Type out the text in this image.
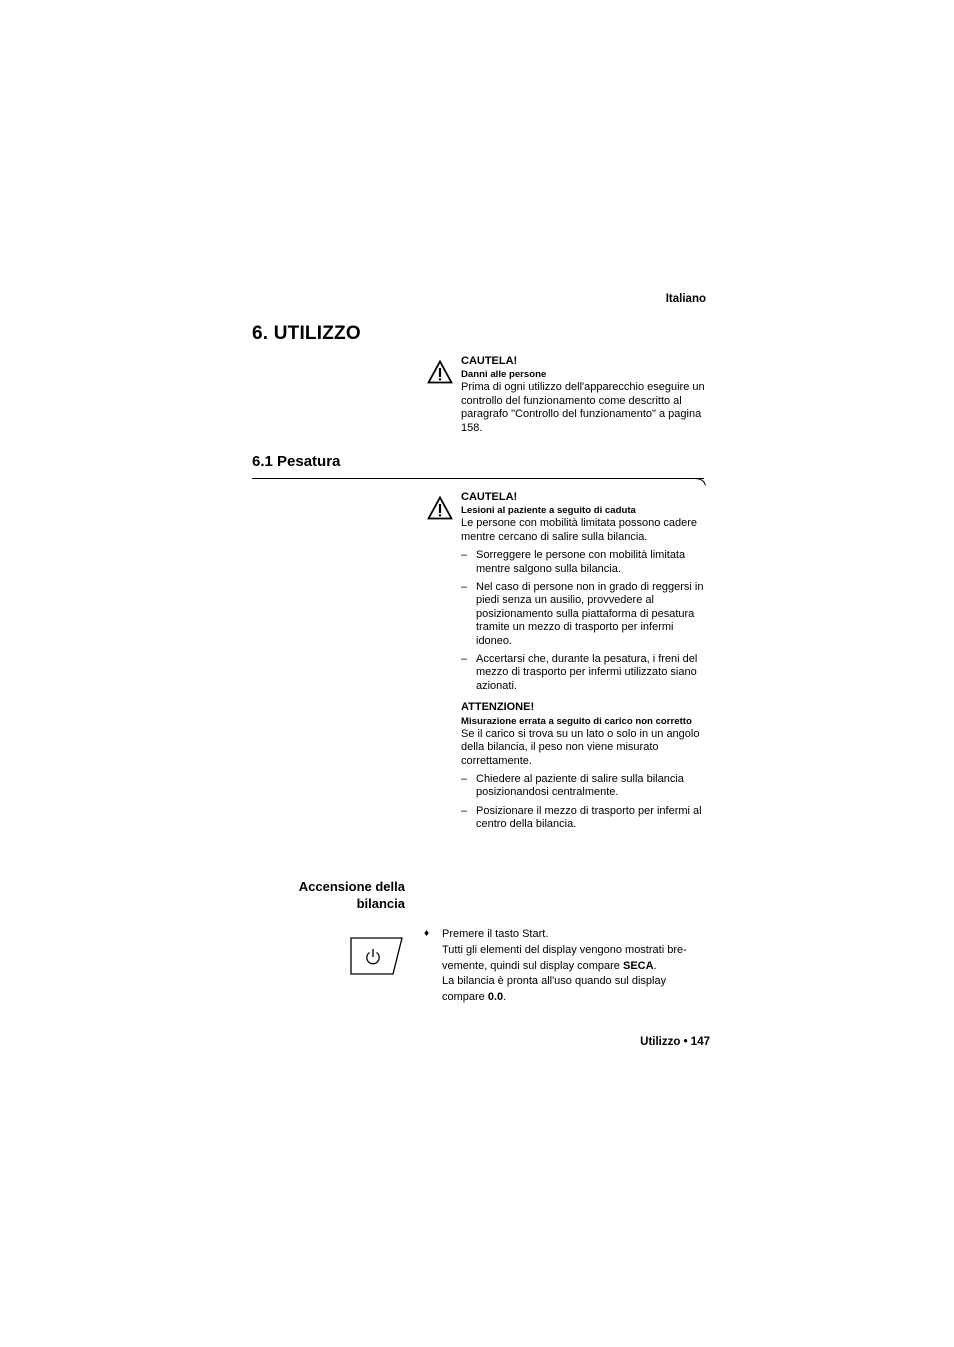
Italiano
6. UTILIZZO
CAUTELA!
Danni alle persone
Prima di ogni utilizzo dell'apparecchio eseguire un controllo del funzionamento come descritto al paragrafo "Controllo del funzionamento" a pagina 158.
6.1 Pesatura
CAUTELA!
Lesioni al paziente a seguito di caduta
Le persone con mobilità limitata possono cadere mentre cercano di salire sulla bilancia.
– Sorreggere le persone con mobilità limitata mentre salgono sulla bilancia.
– Nel caso di persone non in grado di reggersi in piedi senza un ausilio, provvedere al posizionamento sulla piattaforma di pesatura tramite un mezzo di trasporto per infermi idoneo.
– Accertarsi che, durante la pesatura, i freni del mezzo di trasporto per infermi utilizzato siano azionati.
ATTENZIONE!
Misurazione errata a seguito di carico non corretto
Se il carico si trova su un lato o solo in un angolo della bilancia, il peso non viene misurato correttamente.
– Chiedere al paziente di salire sulla bilancia posizionandosi centralmente.
– Posizionare il mezzo di trasporto per infermi al centro della bilancia.
Accensione della
bilancia
♦ Premere il tasto Start.
Tutti gli elementi del display vengono mostrati bre-vemente, quindi sul display compare SECA.
La bilancia è pronta all'uso quando sul display compare 0.0.
Utilizzo • 147
